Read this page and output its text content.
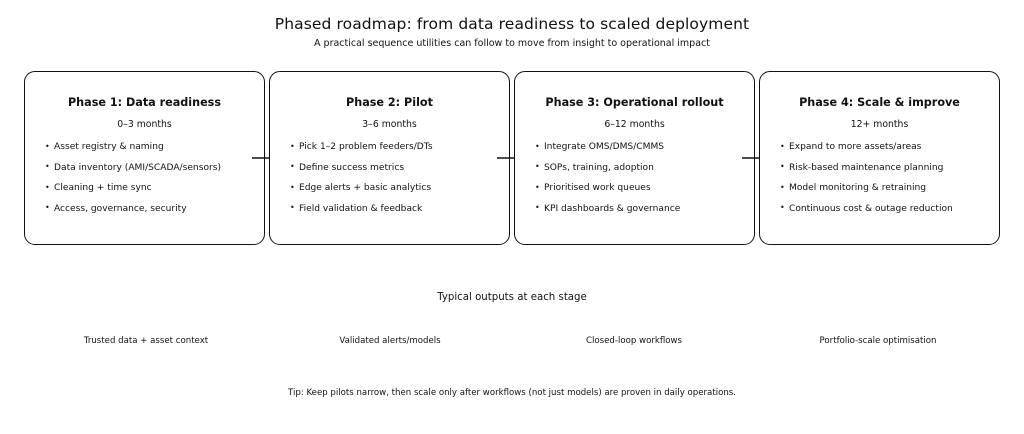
Phased roadmap: from data readiness to scaled deployment
A practical sequence utilities can follow to move from insight to operational impact
Phase 1: Data readiness
0–3 months
• Asset registry & naming
• Data inventory (AMI/SCADA/sensors)
• Cleaning + time sync
• Access, governance, security
Phase 2: Pilot
3–6 months
• Pick 1–2 problem feeders/DTs
• Define success metrics
• Edge alerts + basic analytics
• Field validation & feedback
Phase 3: Operational rollout
6–12 months
• Integrate OMS/DMS/CMMS
• SOPs, training, adoption
• Prioritised work queues
• KPI dashboards & governance
Phase 4: Scale & improve
12+ months
• Expand to more assets/areas
• Risk-based maintenance planning
• Model monitoring & retraining
• Continuous cost & outage reduction
Typical outputs at each stage
Trusted data + asset context	Validated alerts/models	Closed-loop workflows	Portfolio-scale optimisation
Tip: Keep pilots narrow, then scale only after workflows (not just models) are proven in daily operations.
